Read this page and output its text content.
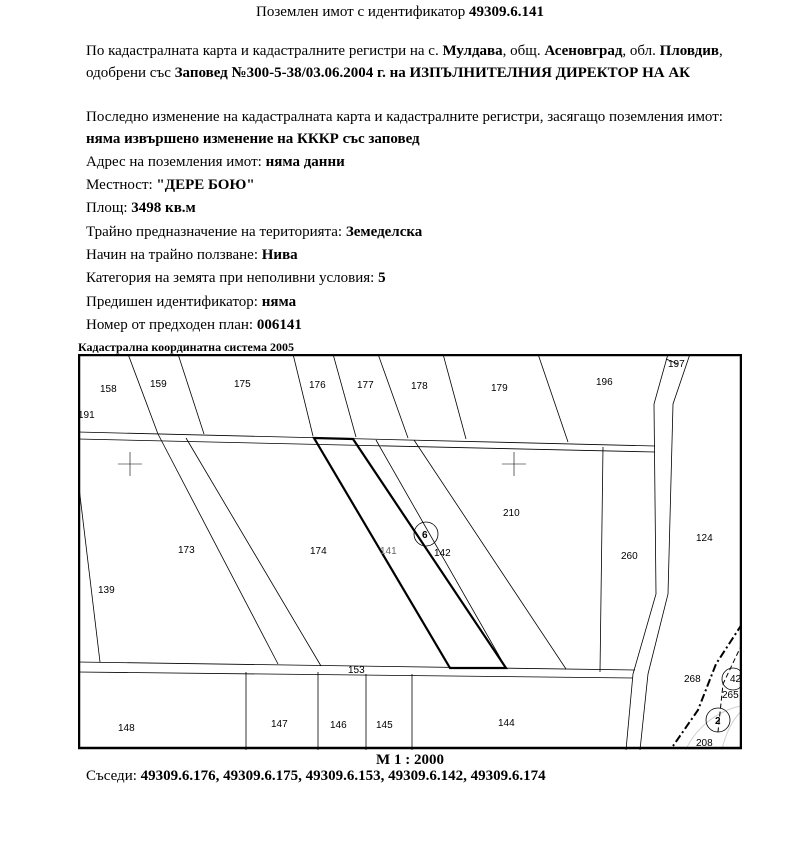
Поземлен имот с идентификатор 49309.6.141
По кадастралната карта и кадастралните регистри на с. Мулдава, общ. Асеновград, обл. Пловдив, одобрени със Заповед №300-5-38/03.06.2004 г. на ИЗПЪЛНИТЕЛНИЯ ДИРЕКТОР НА АК
Последно изменение на кадастралната карта и кадастралните регистри, засягащо поземления имот: няма извършено изменение на КККР със заповед
Адрес на поземления имот: няма данни
Местност: "ДЕРЕ БОЮ"
Площ: 3498 кв.м
Трайно предназначение на територията: Земеделска
Начин на трайно ползване: Нива
Категория на земята при неполивни условия: 5
Предишен идентификатор: няма
Номер от предходен план: 006141
Кадастрална координатна система 2005
158	159	175	176	177	178	179
196
197
191
210
173	174	141	142	260
124
139
153
268	42
265
148	147	146	145	144
208
6
2
М 1 : 2000
Съседи: 49309.6.176, 49309.6.175, 49309.6.153, 49309.6.142, 49309.6.174
